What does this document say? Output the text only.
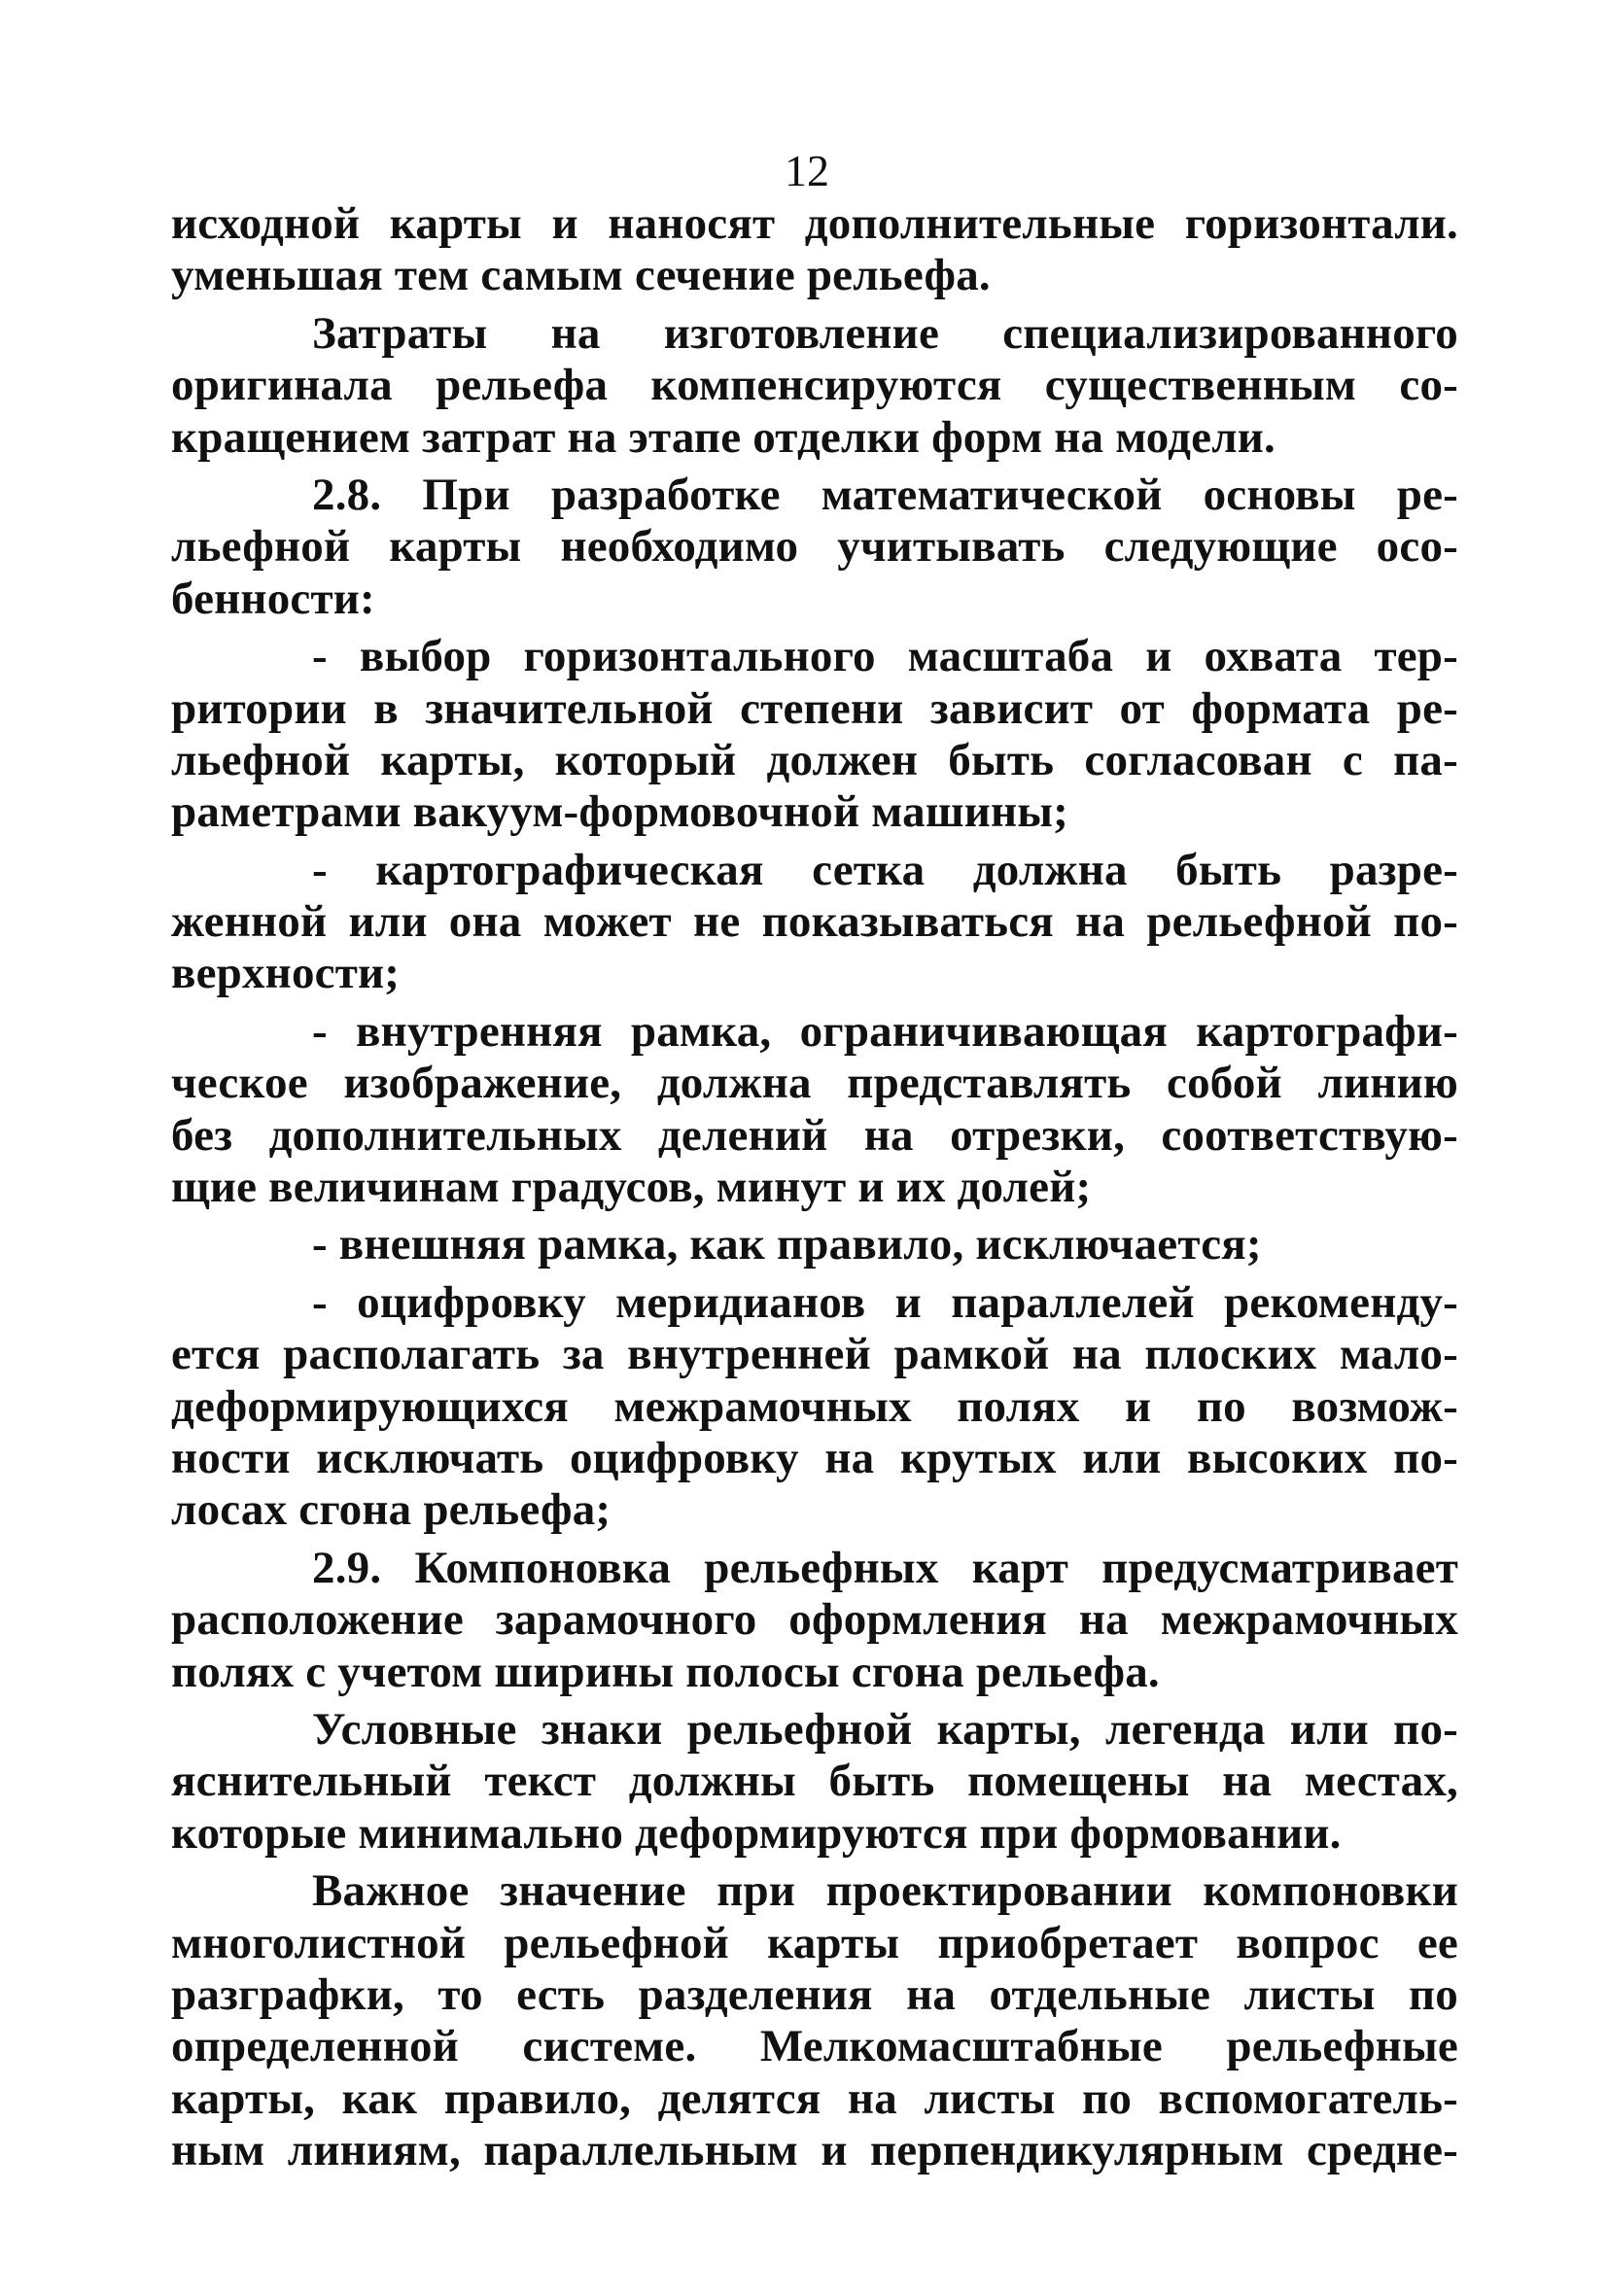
12
исходной карты и наносят дополнительные горизонтали.
уменьшая тем самым сечение рельефа.
Затраты на изготовление специализированного
оригинала рельефа компенсируются существенным со-
кращением затрат на этапе отделки форм на модели.
2.8. При разработке математической основы ре-
льефной карты необходимо учитывать следующие осо-
бенности:
- выбор горизонтального масштаба и охвата тер-
ритории в значительной степени зависит от формата ре-
льефной карты, который должен быть согласован с па-
раметрами вакуум-формовочной машины;
- картографическая сетка должна быть разре-
женной или она может не показываться на рельефной по-
верхности;
- внутренняя рамка, ограничивающая картографи-
ческое изображение, должна представлять собой линию
без дополнительных делений на отрезки, соответствую-
щие величинам градусов, минут и их долей;
- внешняя рамка, как правило, исключается;
- оцифровку меридианов и параллелей рекоменду-
ется располагать за внутренней рамкой на плоских мало-
деформирующихся межрамочных полях и по возмож-
ности исключать оцифровку на крутых или высоких по-
лосах сгона рельефа;
2.9. Компоновка рельефных карт предусматривает
расположение зарамочного оформления на межрамочных
полях с учетом ширины полосы сгона рельефа.
Условные знаки рельефной карты, легенда или по-
яснительный текст должны быть помещены на местах,
которые минимально деформируются при формовании.
Важное значение при проектировании компоновки
многолистной рельефной карты приобретает вопрос ее
разграфки, то есть разделения на отдельные листы по
определенной системе. Мелкомасштабные рельефные
карты, как правило, делятся на листы по вспомогатель-
ным линиям, параллельным и перпендикулярным средне-
